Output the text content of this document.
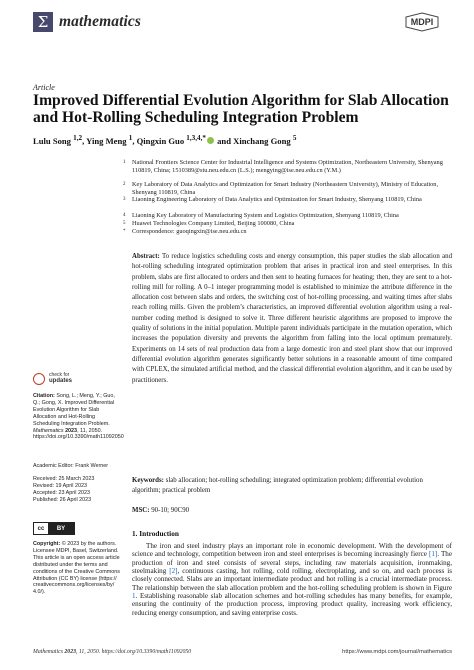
Σ mathematics	MDPI
Article
Improved Differential Evolution Algorithm for Slab Allocation and Hot-Rolling Scheduling Integration Problem
Lulu Song $^{1,2}$, Ying Meng $^1$, Qingxin Guo $^{1,3,4,*}$ and Xinchang Gong $^5$
1 National Frontiers Science Center for Industrial Intelligence and Systems Optimization, Northeastern University, Shenyang 110819, China; 1510389@stu.neu.edu.cn (L.S.); mengying@ise.neu.edu.cn (Y.M.)
2 Key Laboratory of Data Analytics and Optimization for Smart Industry (Northeastern University), Ministry of Education, Shenyang 110819, China
3 Liaoning Engineering Laboratory of Data Analytics and Optimization for Smart Industry, Shenyang 110819, China
4 Liaoning Key Laboratory of Manufacturing System and Logistics Optimization, Shenyang 110819, China
5 Huawei Technologies Company Limited, Beijing 100080, China
* Correspondence: guoqingxin@ise.neu.edu.cn
Abstract: To reduce logistics scheduling costs and energy consumption, this paper studies the slab allocation and hot-rolling scheduling integrated optimization problem that arises in practical iron and steel enterprises. In this problem, slabs are first allocated to orders and then sent to heating furnaces for heating; then, they are sent to a hot-rolling mill for rolling. A 0–1 integer programming model is established to minimize the attribute difference in the allocation cost between slabs and orders, the switching cost of hot-rolling processing, and waiting times after slabs reach rolling mills. Given the problem’s characteristics, an improved differential evolution algorithm using a real-number coding method is designed to solve it. Three different heuristic algorithms are proposed to improve the quality of solutions in the initial population. Multiple parent individuals participate in the mutation operation, which increases the population diversity and prevents the algorithm from falling into the local optimum prematurely. Experiments on 14 sets of real production data from a large domestic iron and steel plant show that our improved differential evolution algorithm generates significantly better solutions in a reasonable amount of time compared with CPLEX, the simulated artificial method, and the classical differential evolution algorithm, and it can be used by practitioners.
Keywords: slab allocation; hot-rolling scheduling; integrated optimization problem; differential evolution algorithm; practical problem
MSC: 90-10; 90C90
check for
updates
Citation: Song, L.; Meng, Y.; Guo, Q.; Gong, X. Improved Differential Evolution Algorithm for Slab Allocation and Hot-Rolling Scheduling Integration Problem. Mathematics 2023, 11, 2050. https://doi.org/10.3390/math11092050
Academic Editor: Frank Werner
Received: 25 March 2023
Revised: 19 April 2023
Accepted: 23 April 2023
Published: 26 April 2023
cc	BY
Copyright: © 2023 by the authors. Licensee MDPI, Basel, Switzerland. This article is an open access article distributed under the terms and conditions of the Creative Commons Attribution (CC BY) license (https:// creativecommons.org/licenses/by/ 4.0/).
1. Introduction
The iron and steel industry plays an important role in economic development. With the development of science and technology, competition between iron and steel enterprises is becoming increasingly fierce [1]. The production of iron and steel consists of several steps, including raw materials acquisition, ironmaking, steelmaking [2], continuous casting, hot rolling, cold rolling, electroplating, and so on, and each process is closely connected. Slabs are an important intermediate product and hot rolling is a crucial intermediate process. The relationship between the slab allocation problem and the hot-rolling scheduling problem is shown in Figure 1. Establishing reasonable slab allocation schemes and hot-rolling schedules has many benefits, for example, ensuring the continuity of the production process, improving product quality, increasing work efficiency, reducing energy consumption, and saving enterprise costs.
Mathematics 2023, 11, 2050. https://doi.org/10.3390/math11092050	https://www.mdpi.com/journal/mathematics
